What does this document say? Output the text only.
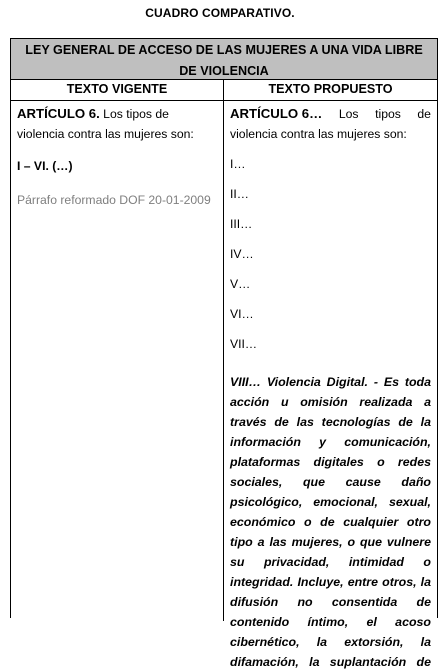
CUADRO COMPARATIVO.
LEY GENERAL DE ACCESO DE LAS MUJERES A UNA VIDA LIBRE DE VIOLENCIA
TEXTO VIGENTE	TEXTO PROPUESTO

ARTÍCULO 6. Los tipos de violencia contra las mujeres son:

I – VI. (…)
Párrafo reformado DOF 20-01-2009
ARTÍCULO 6… Los tipos de
violencia contra las mujeres son:
I…
II…
III…
IV…
V…
VI…
VII…
VIII… Violencia Digital. - Es toda acción u omisión realizada a través de las tecnologías de la información y comunicación, plataformas digitales o redes sociales, que cause daño psicológico, emocional, sexual, económico o de cualquier otro tipo a las mujeres, o que vulnere su privacidad, intimidad o integridad. Incluye, entre otros, la difusión no consentida de contenido íntimo, el acoso cibernético, la extorsión, la difamación, la suplantación de
